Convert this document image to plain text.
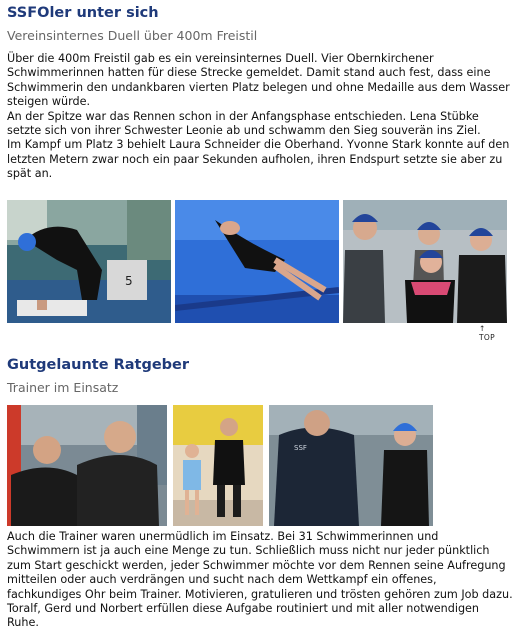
SSFOler unter sich
Vereinsinternes Duell über 400m Freistil

Über die 400m Freistil gab es ein vereinsinternes Duell. Vier Obernkirchener Schwimmerinnen hatten für diese Strecke gemeldet. Damit stand auch fest, dass eine Schwimmerin den undankbaren vierten Platz belegen und ohne Medaille aus dem Wasser steigen würde.

An der Spitze war das Rennen schon in der Anfangsphase entschieden. Lena Stübke setzte sich von ihrer Schwester Leonie ab und schwamm den Sieg souverän ins Ziel.

Im Kampf um Platz 3 behielt Laura Schneider die Oberhand. Yvonne Stark konnte auf den letzten Metern zwar noch ein paar Sekunden aufholen, ihren Endspurt setzte sie aber zu spät an.

5
↑ TOP
Gutgelaunte Ratgeber
Trainer im Einsatz
SSF

Auch die Trainer waren unermüdlich im Einsatz. Bei 31 Schwimmerinnen und Schwimmern ist ja auch eine Menge zu tun. Schließlich muss nicht nur jeder pünktlich zum Start geschickt werden, jeder Schwimmer möchte vor dem Rennen seine Aufregung mitteilen oder auch verdrängen und sucht nach dem Wettkampf ein offenes, fachkundiges Ohr beim Trainer. Motivieren, gratulieren und trösten gehören zum Job dazu.

Toralf, Gerd und Norbert erfüllen diese Aufgabe routiniert und mit aller notwendigen Ruhe.
